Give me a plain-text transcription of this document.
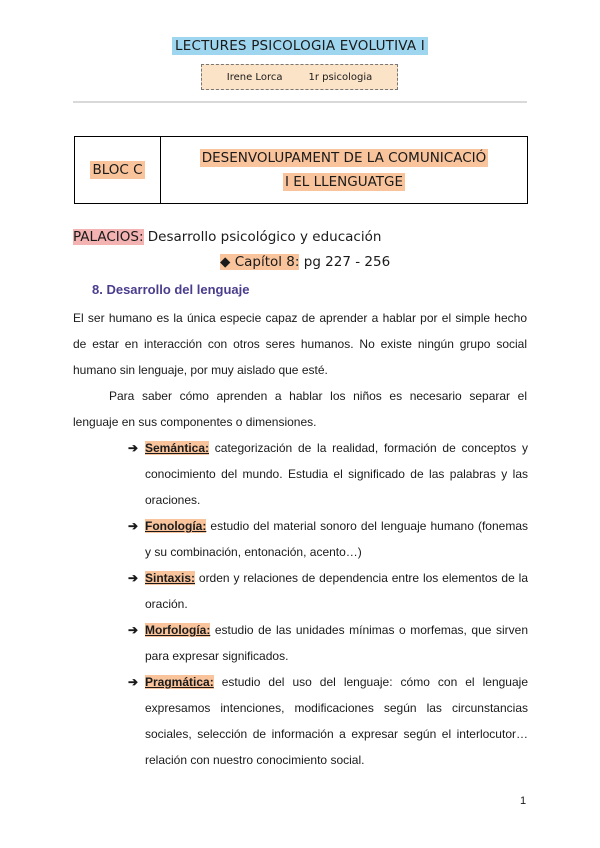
LECTURES PSICOLOGIA EVOLUTIVA I
Irene Lorca	1r psicologia
BLOC C
DESENVOLUPAMENT DE LA COMUNICACIÓ
I EL LLENGUATGE
PALACIOS: Desarrollo psicológico y educación
◆ Capítol 8: pg 227 - 256
8. Desarrollo del lenguaje

El ser humano es la única especie capaz de aprender a hablar por el simple hecho de estar en interacción con otros seres humanos. No existe ningún grupo social humano sin lenguaje, por muy aislado que esté.

Para saber cómo aprenden a hablar los niños es necesario separar el lenguaje en sus componentes o dimensiones.

➔ Semántica: categorización de la realidad, formación de conceptos y conocimiento del mundo. Estudia el significado de las palabras y las oraciones.
➔ Fonología: estudio del material sonoro del lenguaje humano (fonemas y su combinación, entonación, acento…)
➔ Sintaxis: orden y relaciones de dependencia entre los elementos de la oración.
➔ Morfología: estudio de las unidades mínimas o morfemas, que sirven para expresar significados.
➔ Pragmática: estudio del uso del lenguaje: cómo con el lenguaje expresamos intenciones, modificaciones según las circunstancias sociales, selección de información a expresar según el interlocutor… relación con nuestro conocimiento social.
1
